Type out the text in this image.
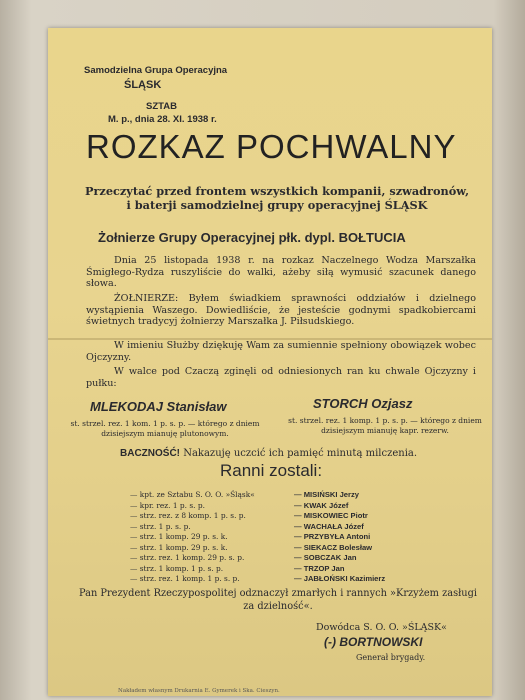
Samodzielna Grupa Operacyjna
ŚLĄSK
SZTAB
M. p., dnia 28. XI. 1938 r.
ROZKAZ POCHWALNY
Przeczytać przed frontem wszystkich kompanii, szwadronów, i baterji samodzielnej grupy operacyjnej ŚLĄSK
Żołnierze Grupy Operacyjnej płk. dypl. BOŁTUCIA
Dnia 25 listopada 1938 r. na rozkaz Naczelnego Wodza Marszałka Śmigłego-Rydza ruszyliście do walki, ażeby siłą wymusić szacunek danego słowa.
ŻOŁNIERZE: Byłem świadkiem sprawności oddziałów i dzielnego wystąpienia Waszego. Dowiedliście, że jesteście godnymi spadkobiercami świetnych tradycyj żołnierzy Marszałka J. Piłsudskiego.
W imieniu Służby dziękuję Wam za sumiennie spełniony obowiązek wobec Ojczyzny.
W walce pod Czaczą zginęli od odniesionych ran ku chwale Ojczyzny i pułku:
MLEKODAJ Stanisław
st. strzel. rez. 1 kom. 1 p. s. p. — którego z dniem dzisiejszym mianuję plutonowym.
STORCH Ozjasz
st. strzel. rez. 1 komp. 1 p. s. p. — którego z dniem dzisiejszym mianuję kapr. rezerw.
BACZNOŚĆ! Nakazuję uczcić ich pamięć minutą milczenia.
Ranni zostali:
— kpt. ze Sztabu S. O. O. »Śląsk«
— kpr. rez. 1 p. s. p.
— strz. rez. z 8 komp. 1 p. s. p.
— strz. 1 p. s. p.
— strz. 1 komp. 29 p. s. k.
— strz. 1 komp. 29 p. s. k.
— strz. rez. 1 komp. 29 p. s. p.
— strz. 1 komp. 1 p. s. p.
— strz. rez. 1 komp. 1 p. s. p.
— MISIŃSKI Jerzy
— KWAK Józef
— MISKOWIEC Piotr
— WACHAŁA Józef
— PRZYBYŁA Antoni
— SIEKACZ Bolesław
— SOBCZAK Jan
— TRZOP Jan
— JABŁOŃSKI Kazimierz
Pan Prezydent Rzeczypospolitej odznaczył zmarłych i rannych »Krzyżem zasługi za dzielność«.
Dowódca S. O. O. »ŚLĄSK«
(-) BORTNOWSKI
Generał brygady.
Nakładem własnym Drukarnia E. Gymerek i Ska. Cieszyn.
